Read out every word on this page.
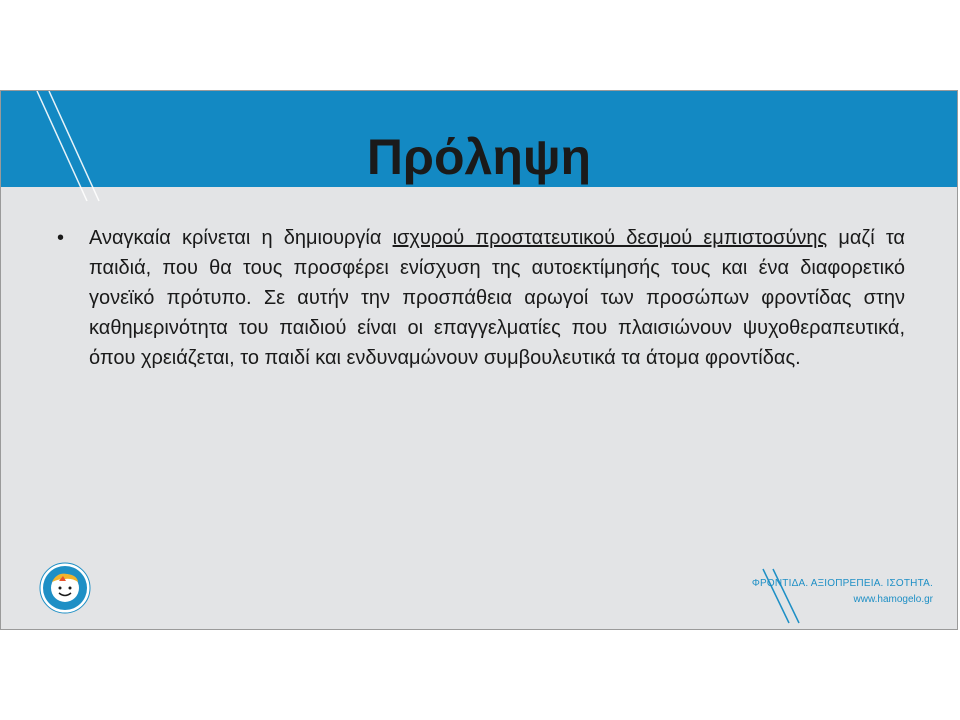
Πρόληψη
• Αναγκαία κρίνεται η δημιουργία ισχυρού προστατευτικού δεσμού εμπιστοσύνης μαζί τα παιδιά, που θα τους προσφέρει ενίσχυση της αυτοεκτίμησής τους και ένα διαφορετικό γονεϊκό πρότυπο. Σε αυτήν την προσπάθεια αρωγοί των προσώπων φροντίδας στην καθημερινότητα του παιδιού είναι οι επαγγελματίες που πλαισιώνουν ψυχοθεραπευτικά, όπου χρειάζεται, το παιδί και ενδυναμώνουν συμβουλευτικά τα άτομα φροντίδας.
ΦΡΟΝΤΙΔΑ. ΑΞΙΟΠΡΕΠΕΙΑ. ΙΣΟΤΗΤΑ.
www.hamogelo.gr
